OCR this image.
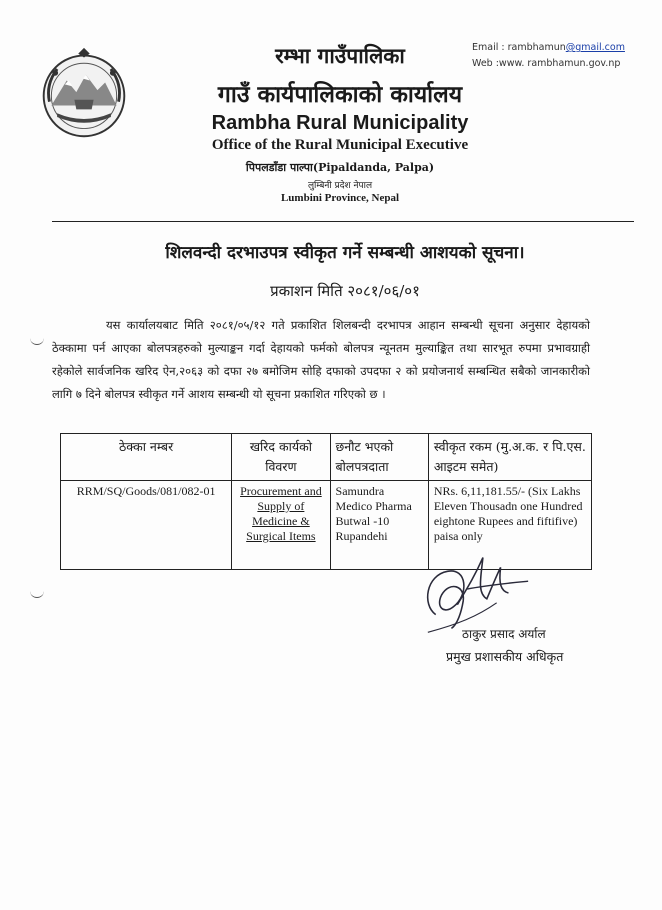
Email : rambhamun@gmail.com
Web :www. rambhamun.gov.np
रम्भा गाउँपालिका
गाउँ कार्यपालिकाको कार्यालय
Rambha Rural Municipality
Office of the Rural Municipal Executive
पिपलडाँडा पाल्पा(Pipaldanda, Palpa)
लुम्बिनी प्रदेश नेपाल
Lumbini Province, Nepal
शिलवन्दी दरभाउपत्र स्वीकृत गर्ने सम्बन्धी आशयको सूचना।
प्रकाशन मिति २०८१/०६/०१
यस कार्यालयबाट मिति २०८१/०५/१२ गते प्रकाशित शिलबन्दी दरभापत्र आहान सम्बन्धी सूचना अनुसार देहायको ठेक्कामा पर्न आएका बोलपत्रहरुको मुल्याङ्कन गर्दा देहायको फर्मको बोलपत्र न्यूनतम मुल्याङ्कित तथा सारभूत रुपमा प्रभावग्राही रहेकोले सार्वजनिक खरिद ऐन,२०६३ को दफा २७ बमोजिम सोहि दफाको उपदफा २ को प्रयोजनार्थ सम्बन्धित सबैको जानकारीको लागि ७ दिने बोलपत्र स्वीकृत गर्ने आशय सम्बन्धी यो सूचना प्रकाशित गरिएको छ ।
ठेक्का नम्बर	खरिद कार्यको विवरण	छनौट भएको बोलपत्रदाता	स्वीकृत रकम (मु.अ.क. र पि.एस. आइटम समेत)
RRM/SQ/Goods/081/082-01	Procurement and Supply of Medicine & Surgical Items	Samundra Medico Pharma Butwal -10 Rupandehi	NRs. 6,11,181.55/- (Six Lakhs Eleven Thousadn one Hundred eightone Rupees and fiftifive) paisa only
ठाकुर प्रसाद अर्याल
प्रमुख प्रशासकीय अधिकृत
